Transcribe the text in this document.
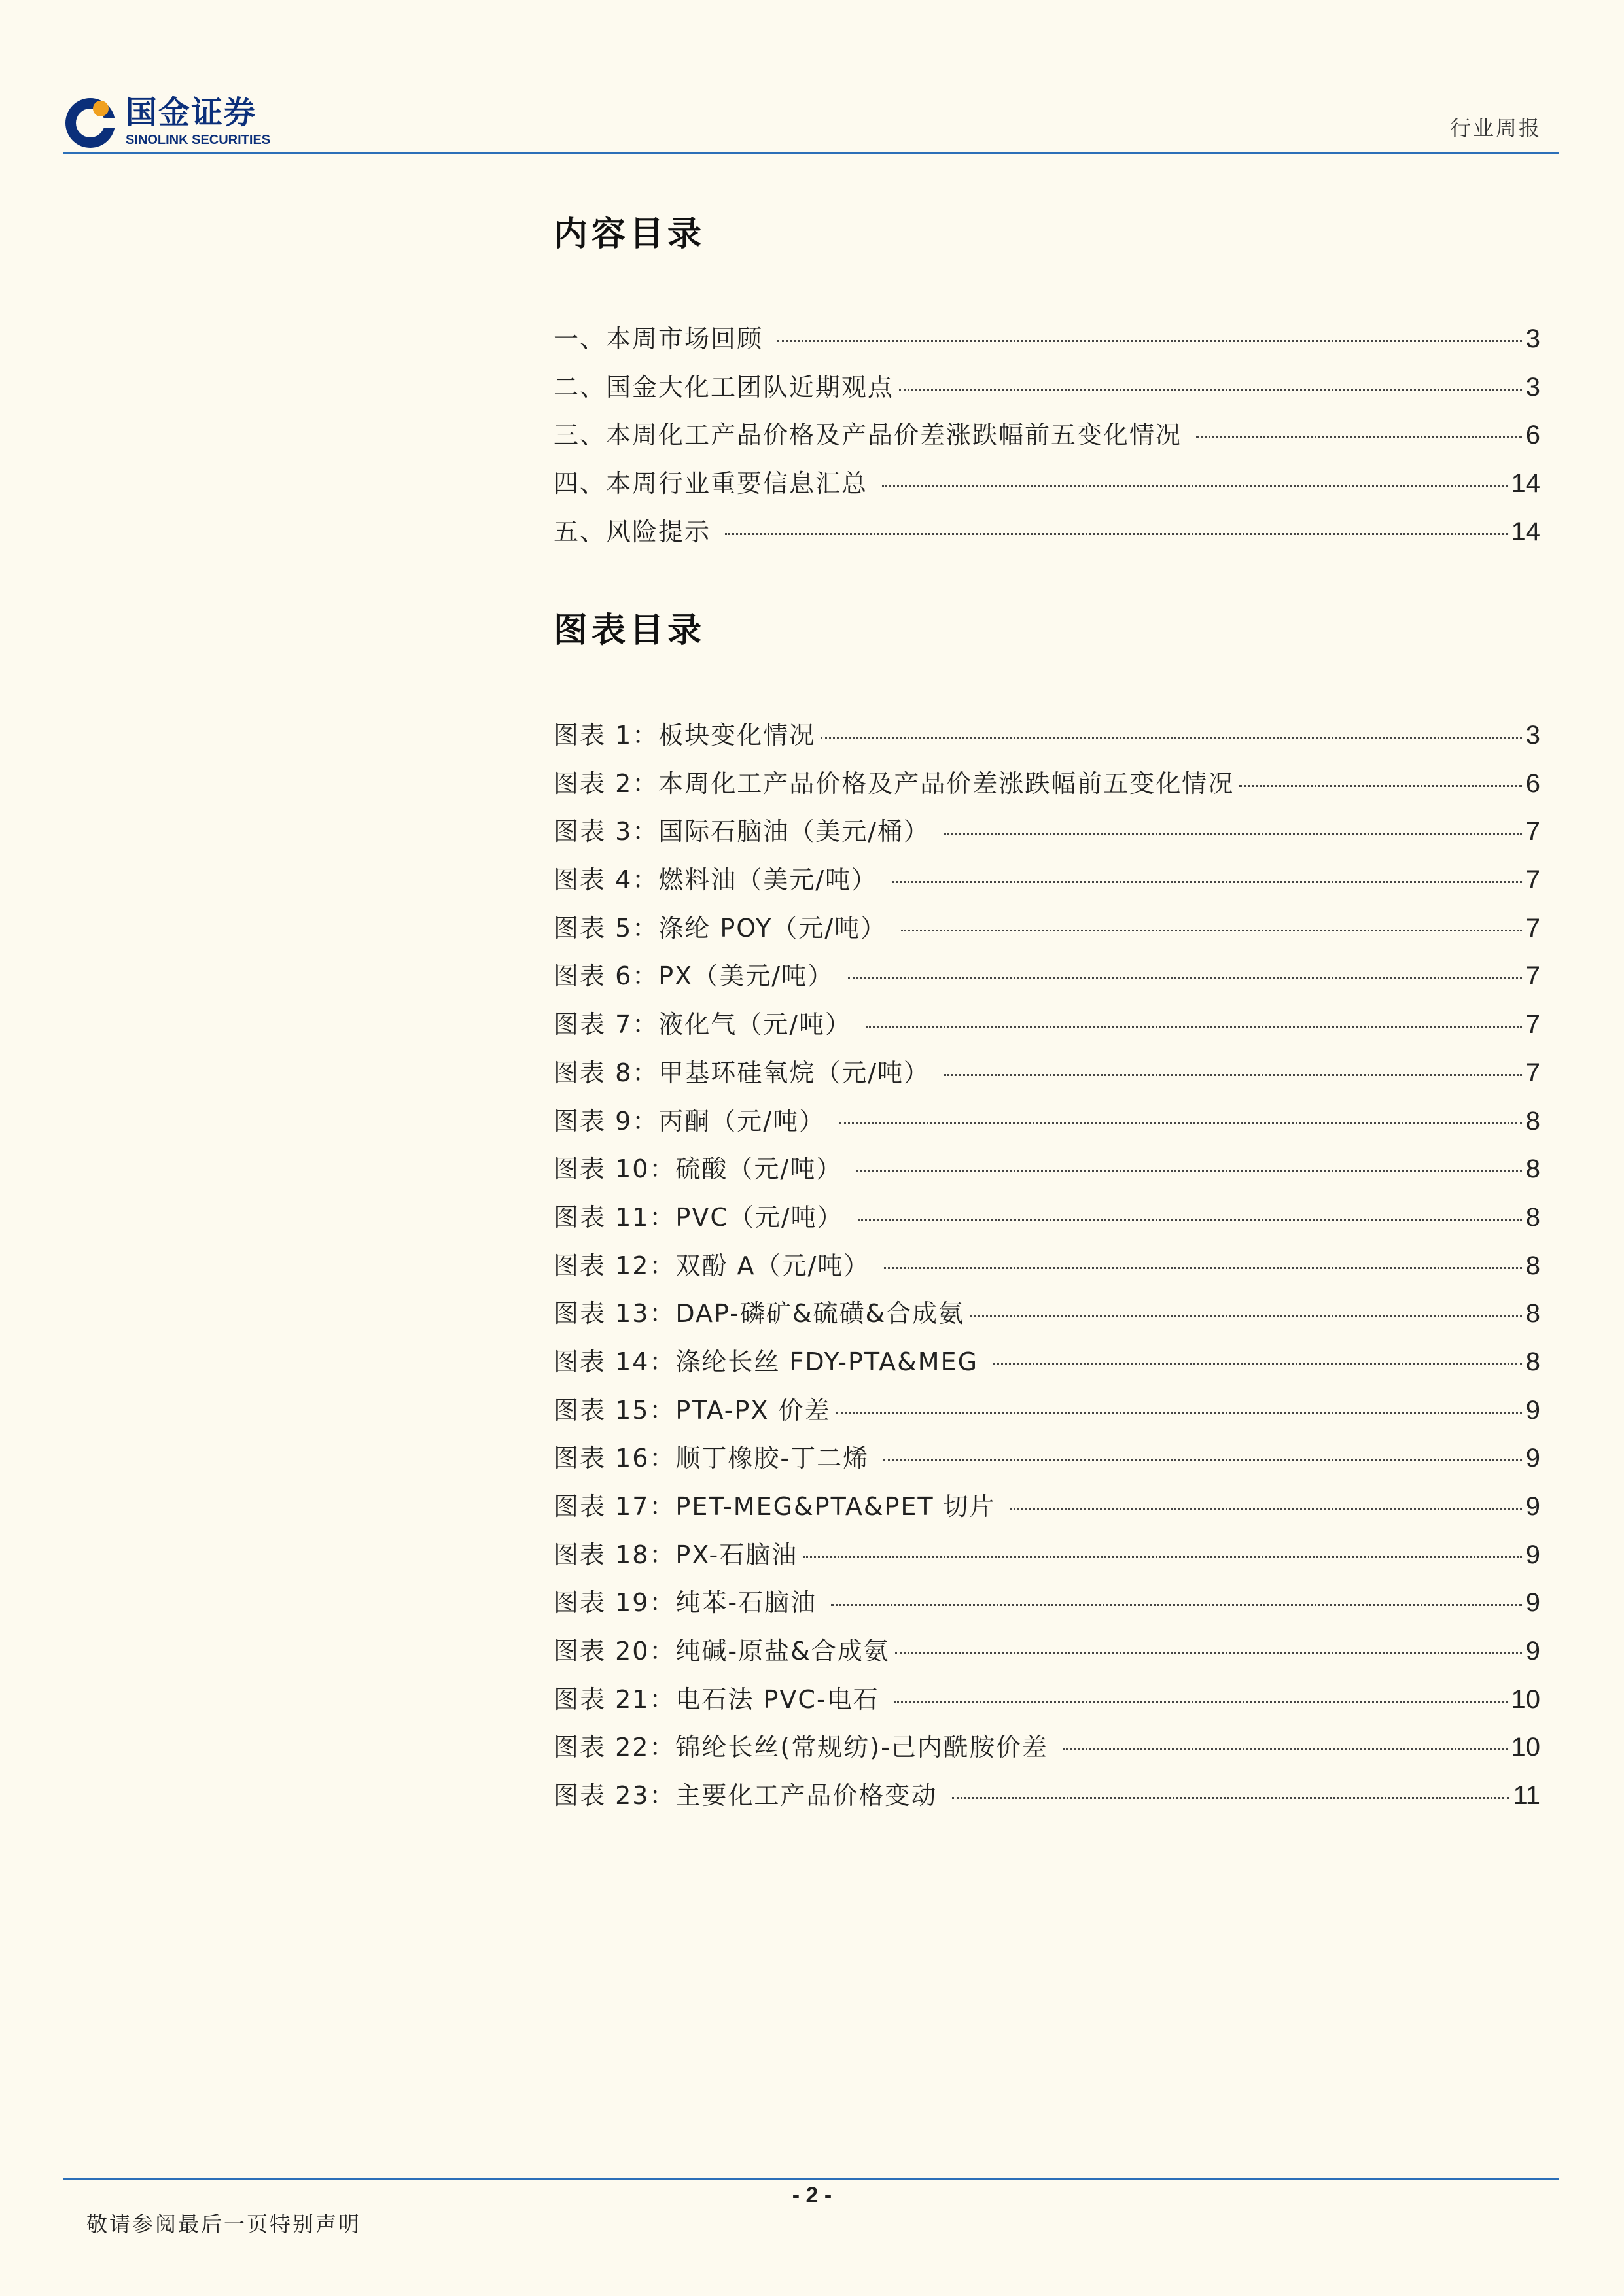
国金证券
SINOLINK SECURITIES	行业周报
内容目录
一、本周市场回顾	3
二、国金大化工团队近期观点	3
三、本周化工产品价格及产品价差涨跌幅前五变化情况	6
四、本周行业重要信息汇总	14
五、风险提示	14
图表目录
图表 1：板块变化情况	3
图表 2：本周化工产品价格及产品价差涨跌幅前五变化情况	6
图表 3：国际石脑油（美元/桶）	7
图表 4：燃料油（美元/吨）	7
图表 5：涤纶 POY（元/吨）	7
图表 6：PX（美元/吨）	7
图表 7：液化气（元/吨）	7
图表 8：甲基环硅氧烷（元/吨）	7
图表 9：丙酮（元/吨）	8
图表 10：硫酸（元/吨）	8
图表 11：PVC（元/吨）	8
图表 12：双酚 A（元/吨）	8
图表 13：DAP-磷矿&硫磺&合成氨	8
图表 14：涤纶长丝 FDY-PTA&MEG	8
图表 15：PTA-PX 价差	9
图表 16：顺丁橡胶-丁二烯	9
图表 17：PET-MEG&PTA&PET 切片	9
图表 18：PX-石脑油	9
图表 19：纯苯-石脑油	9
图表 20：纯碱-原盐&合成氨	9
图表 21：电石法 PVC-电石	10
图表 22：锦纶长丝(常规纺)-己内酰胺价差	10
图表 23：主要化工产品价格变动	11
- 2 -
敬请参阅最后一页特别声明
